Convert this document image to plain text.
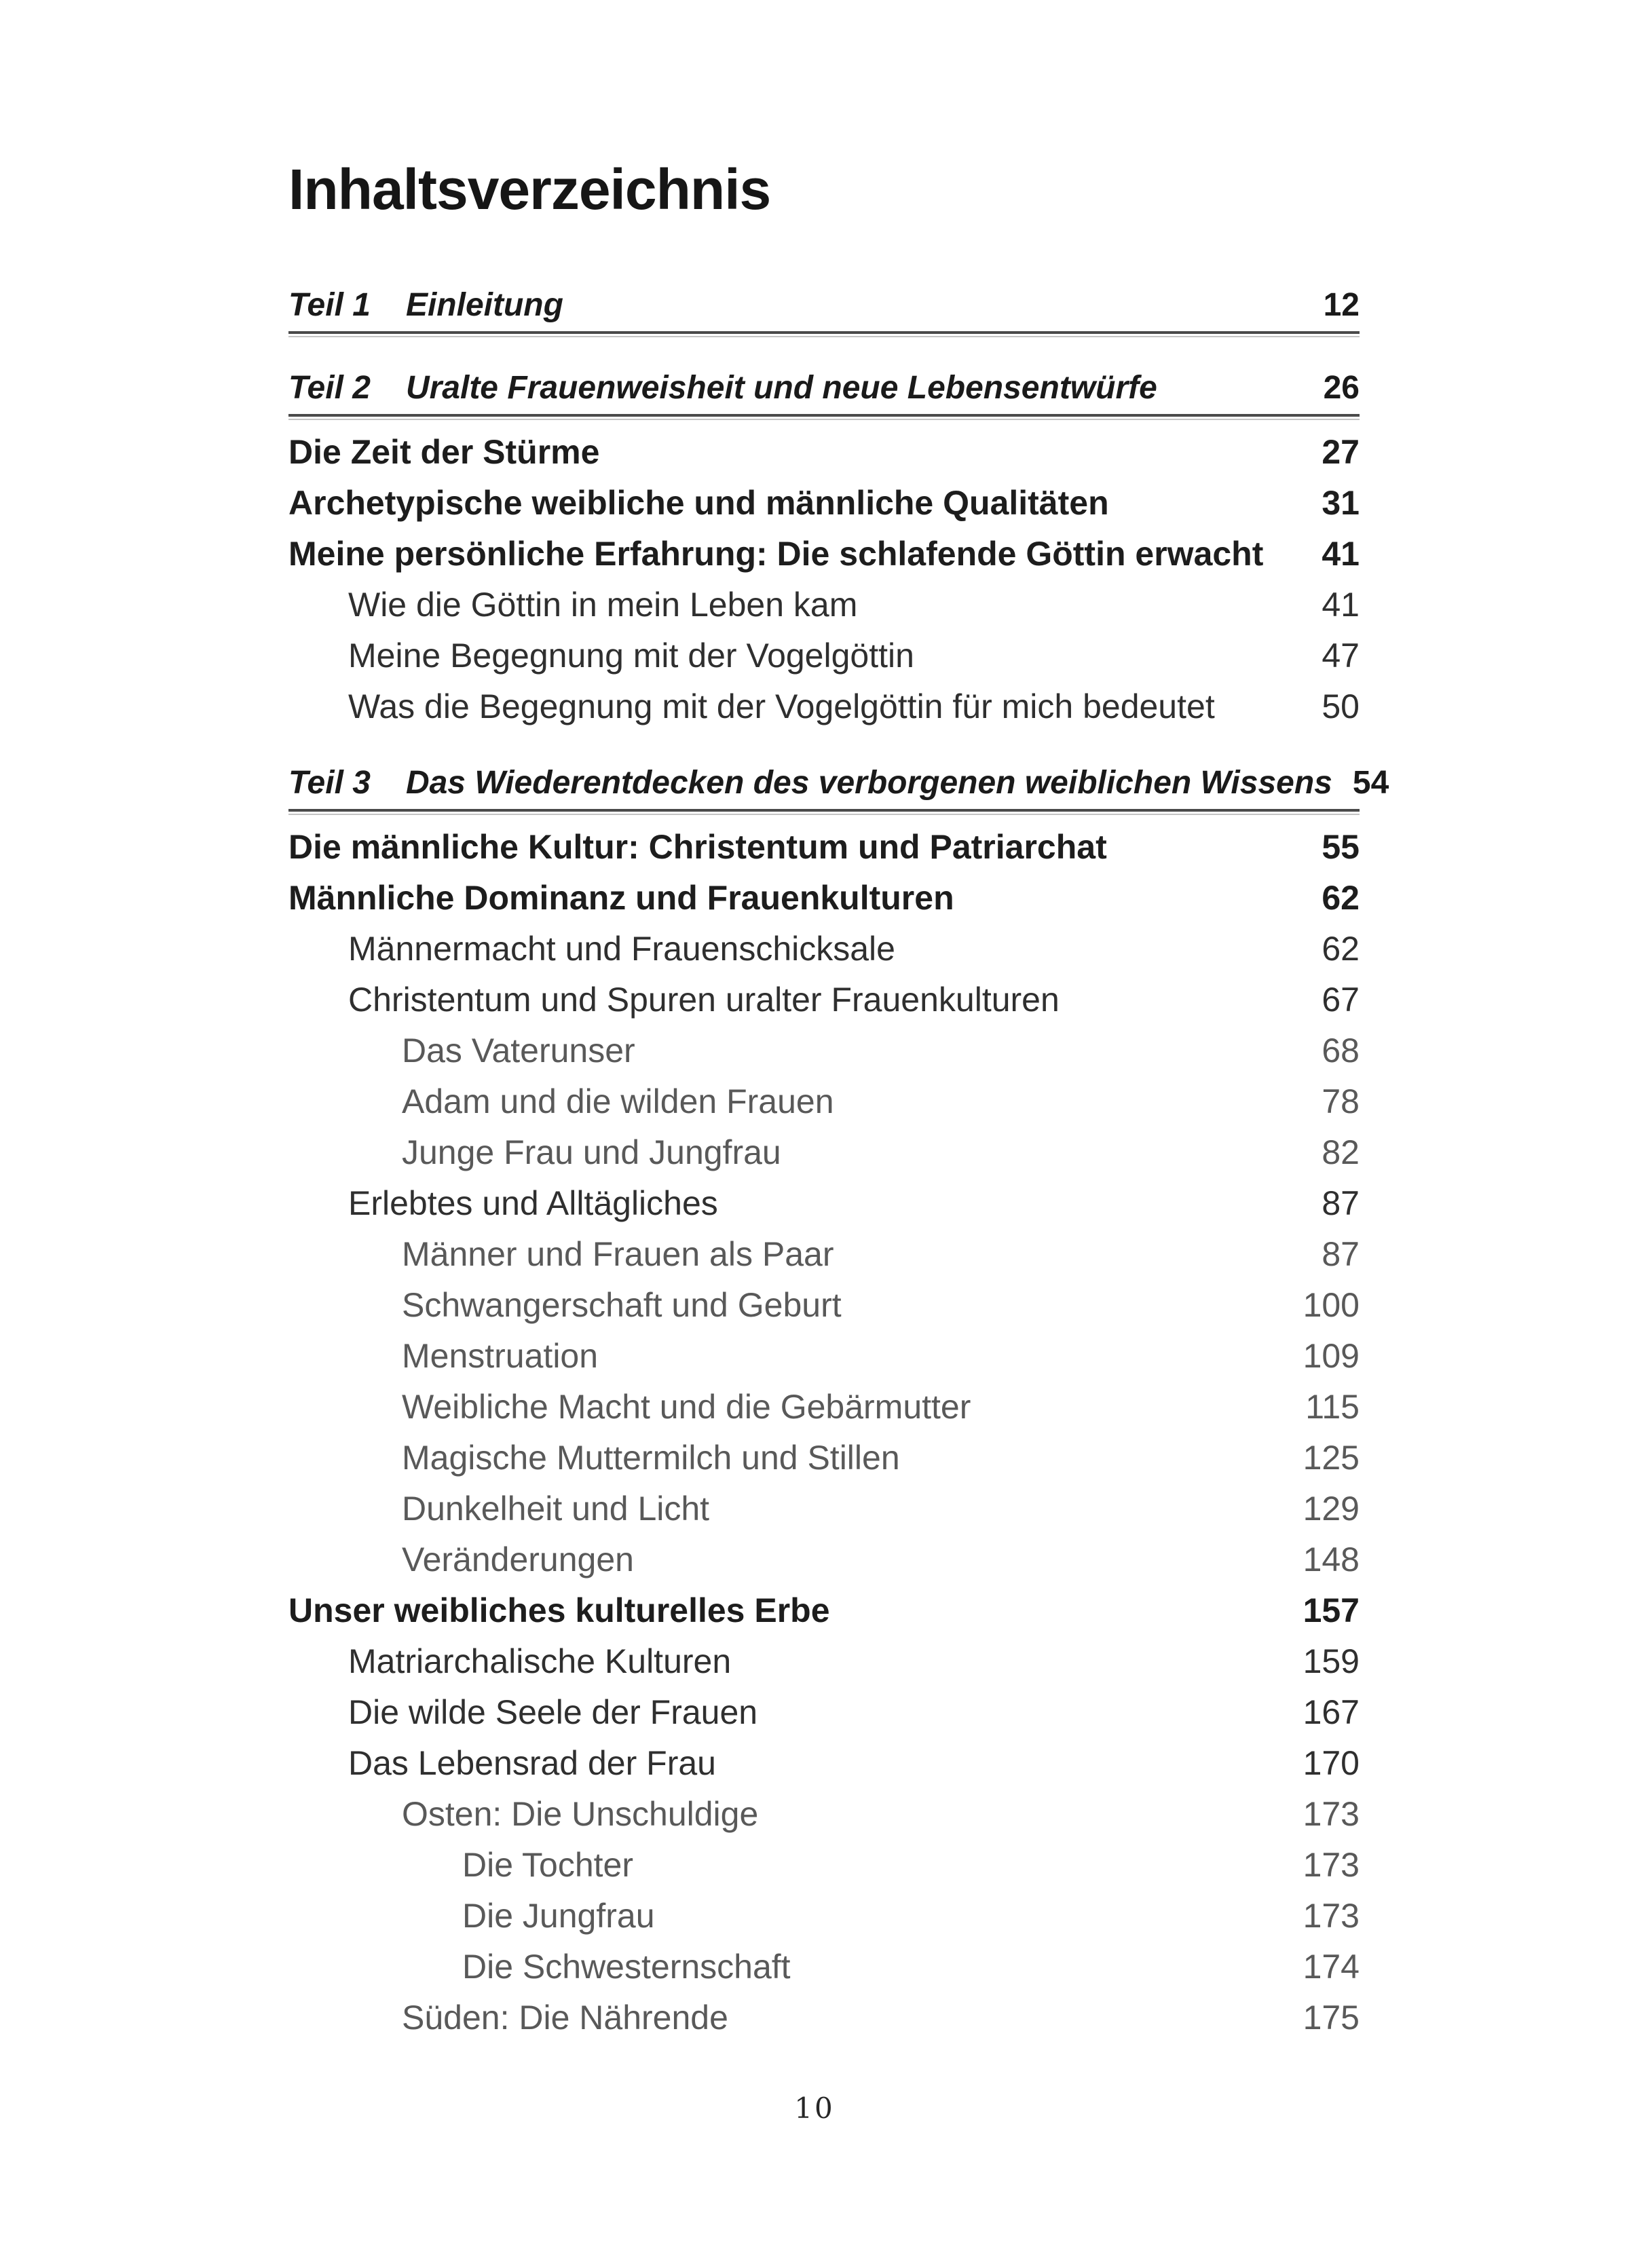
Inhaltsverzeichnis
Teil 1 Einleitung	12
Teil 2 Uralte Frauenweisheit und neue Lebensentwürfe	26
Die Zeit der Stürme	27
Archetypische weibliche und männliche Qualitäten	31
Meine persönliche Erfahrung: Die schlafende Göttin erwacht 41
Wie die Göttin in mein Leben kam	41
Meine Begegnung mit der Vogelgöttin	47
Was die Begegnung mit der Vogelgöttin für mich bedeutet	50
Teil 3 Das Wiederentdecken des verborgenen weiblichen Wissens 54
Die männliche Kultur: Christentum und Patriarchat	55
Männliche Dominanz und Frauenkulturen	62
Männermacht und Frauenschicksale	62
Christentum und Spuren uralter Frauenkulturen	67
Das Vaterunser	68
Adam und die wilden Frauen	78
Junge Frau und Jungfrau	82
Erlebtes und Alltägliches	87
Männer und Frauen als Paar	87
Schwangerschaft und Geburt	100
Menstruation	109
Weibliche Macht und die Gebärmutter	115
Magische Muttermilch und Stillen	125
Dunkelheit und Licht	129
Veränderungen	148
Unser weibliches kulturelles Erbe	157
Matriarchalische Kulturen	159
Die wilde Seele der Frauen	167
Das Lebensrad der Frau	170
Osten: Die Unschuldige	173
Die Tochter	173
Die Jungfrau	173
Die Schwesternschaft	174
Süden: Die Nährende	175
10
